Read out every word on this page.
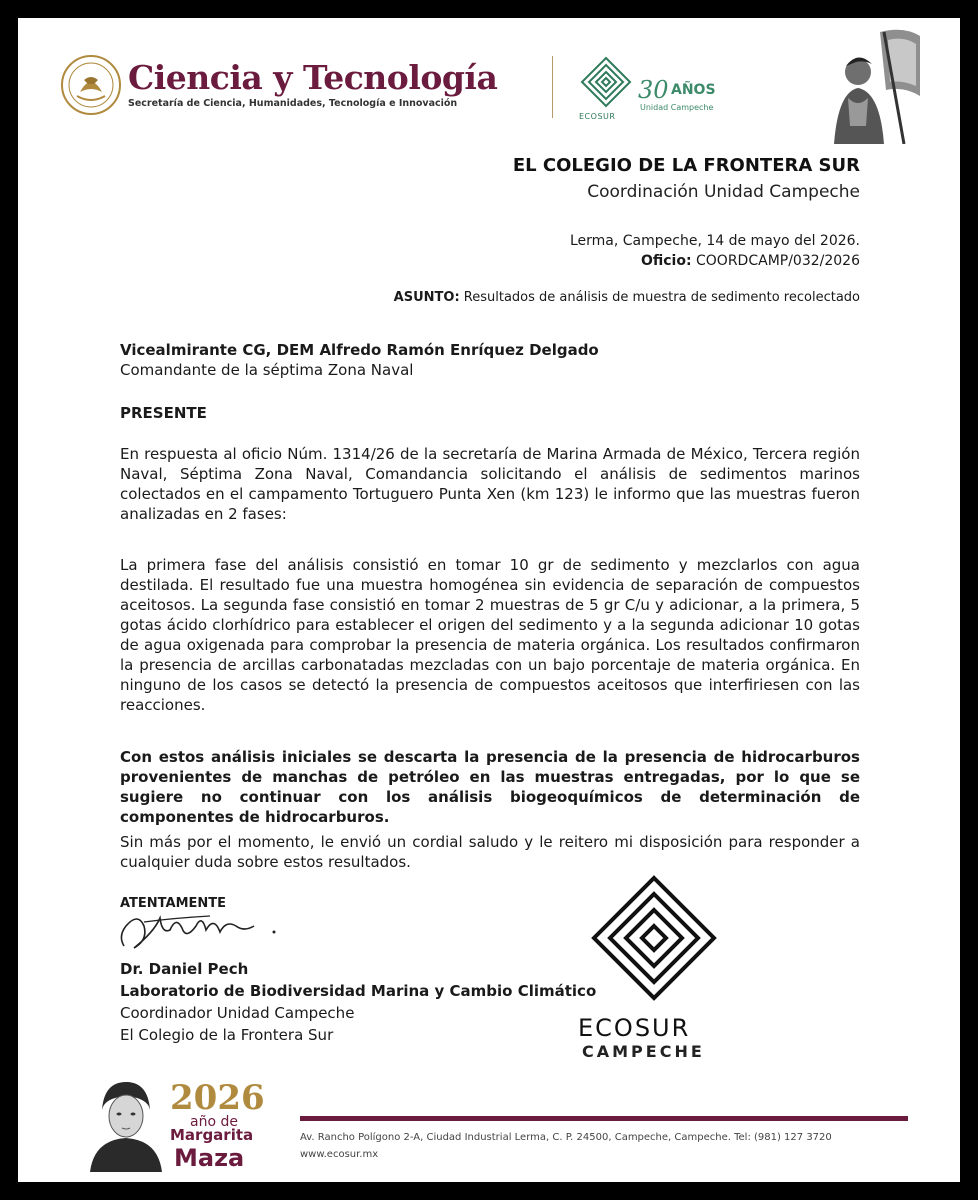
Ciencia y Tecnología
Secretaría de Ciencia, Humanidades, Tecnología e Innovación
ECOSUR
30 AÑOS
Unidad Campeche
EL COLEGIO DE LA FRONTERA SUR
Coordinación Unidad Campeche
Lerma, Campeche, 14 de mayo del 2026.
Oficio: COORDCAMP/032/2026
ASUNTO: Resultados de análisis de muestra de sedimento recolectado
Vicealmirante CG, DEM Alfredo Ramón Enríquez Delgado
Comandante de la séptima Zona Naval
PRESENTE
En respuesta al oficio Núm. 1314/26 de la secretaría de Marina Armada de México, Tercera región Naval, Séptima Zona Naval, Comandancia solicitando el análisis de sedimentos marinos colectados en el campamento Tortuguero Punta Xen (km 123) le informo que las muestras fueron analizadas en 2 fases:
La primera fase del análisis consistió en tomar 10 gr de sedimento y mezclarlos con agua destilada. El resultado fue una muestra homogénea sin evidencia de separación de compuestos aceitosos. La segunda fase consistió en tomar 2 muestras de 5 gr C/u y adicionar, a la primera, 5 gotas ácido clorhídrico para establecer el origen del sedimento y a la segunda adicionar 10 gotas de agua oxigenada para comprobar la presencia de materia orgánica. Los resultados confirmaron la presencia de arcillas carbonatadas mezcladas con un bajo porcentaje de materia orgánica. En ninguno de los casos se detectó la presencia de compuestos aceitosos que interfiriesen con las reacciones.
Con estos análisis iniciales se descarta la presencia de la presencia de hidrocarburos provenientes de manchas de petróleo en las muestras entregadas, por lo que se sugiere no continuar con los análisis biogeoquímicos de determinación de componentes de hidrocarburos.
Sin más por el momento, le envió un cordial saludo y le reitero mi disposición para responder a cualquier duda sobre estos resultados.
ATENTAMENTE
Dr. Daniel Pech
Laboratorio de Biodiversidad Marina y Cambio Climático
Coordinador Unidad Campeche
El Colegio de la Frontera Sur	ECOSUR
CAMPECHE
2026
año de
Margarita
Maza
Av. Rancho Polígono 2-A, Ciudad Industrial Lerma, C. P. 24500, Campeche, Campeche. Tel: (981) 127 3720
www.ecosur.mx
